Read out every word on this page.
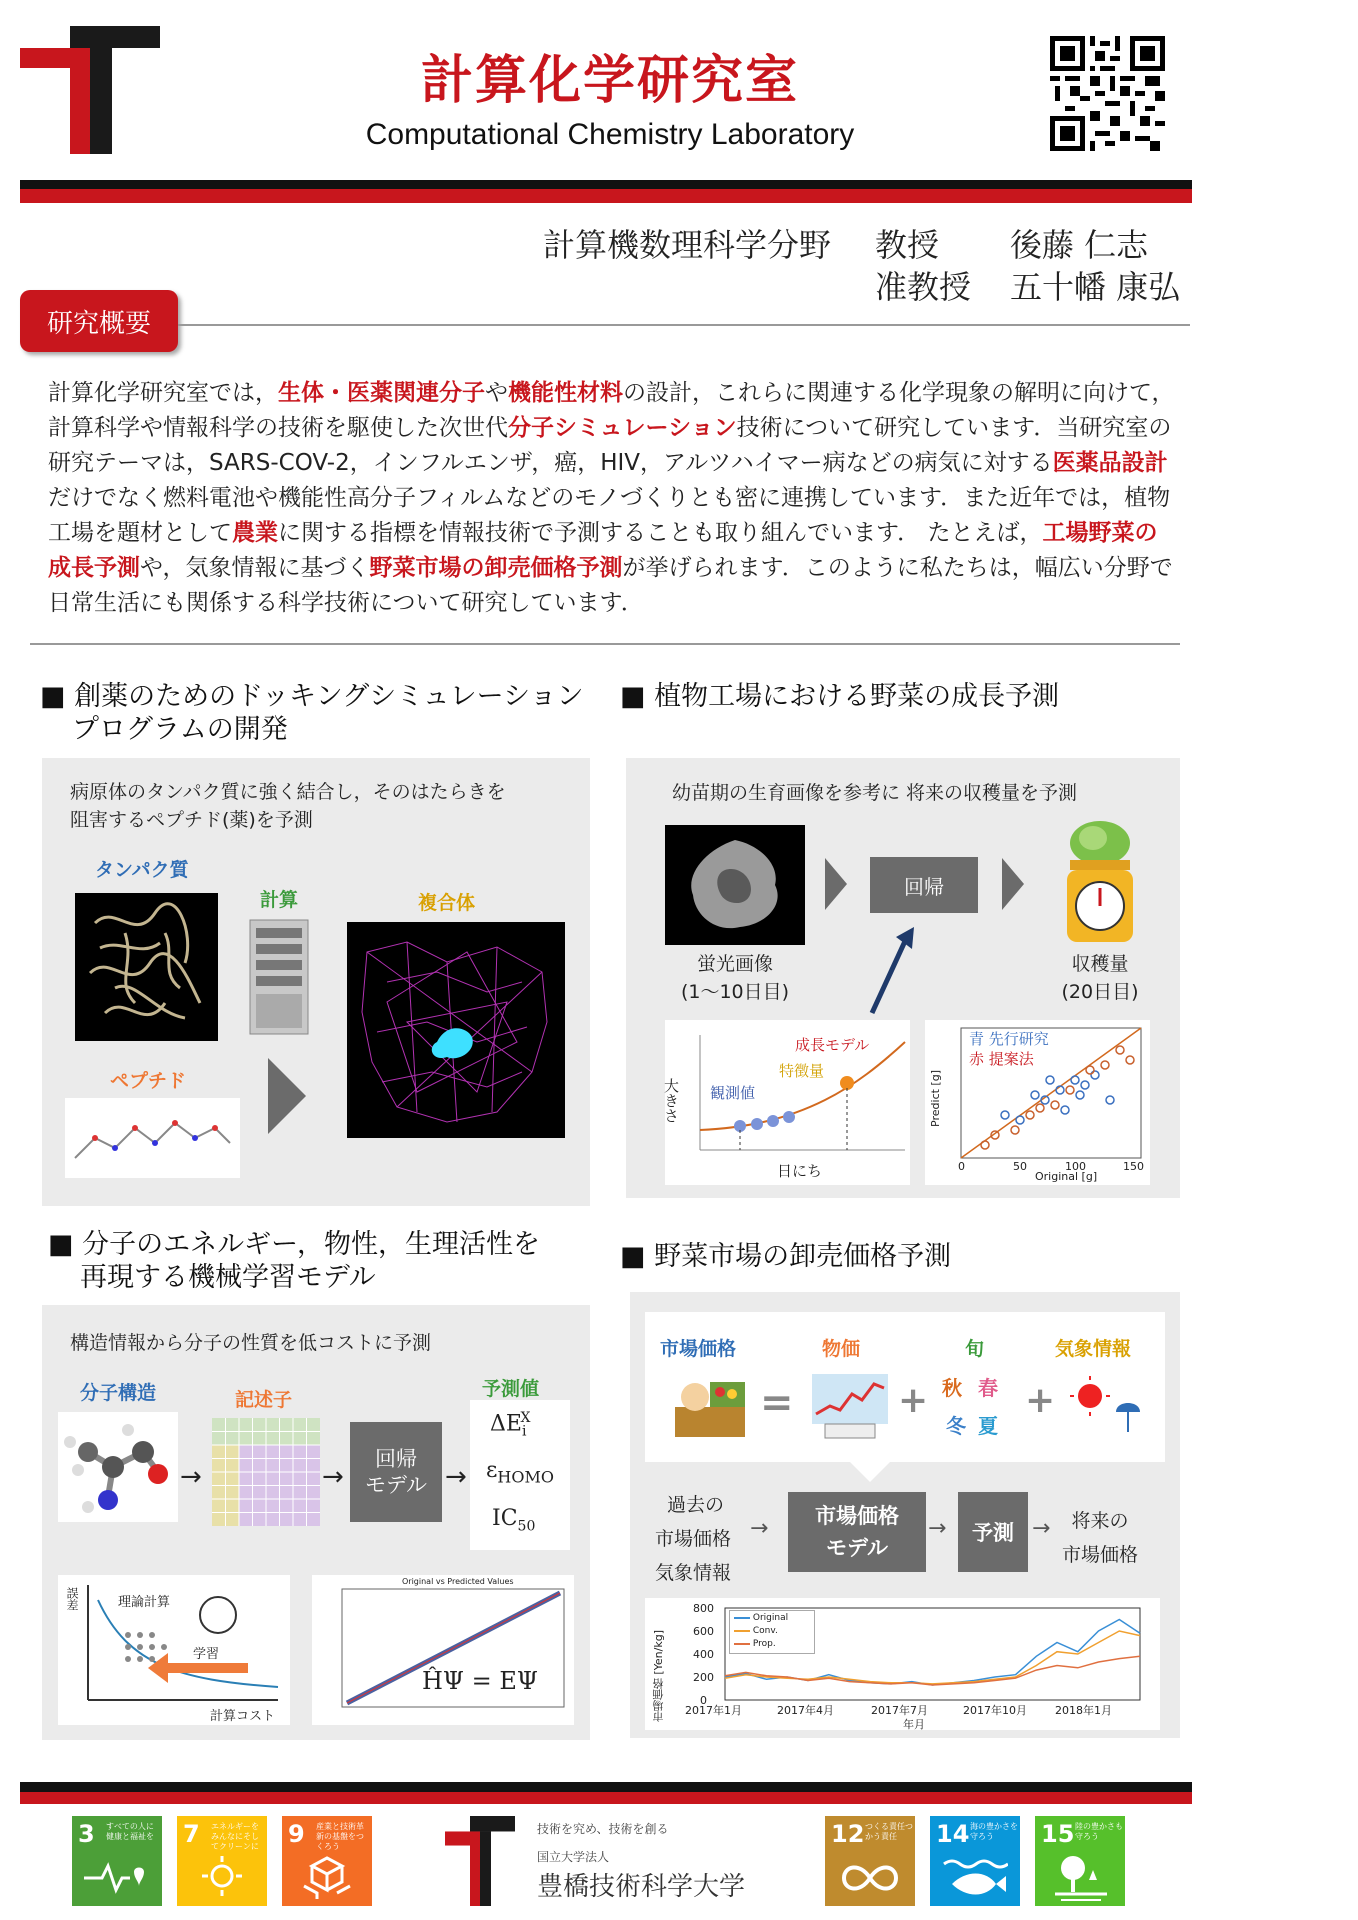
計算化学研究室
Computational Chemistry Laboratory
計算機数理科学分野 教授 後藤 仁志
准教授 五十幡 康弘
研究概要
計算化学研究室では，生体・医薬関連分子や機能性材料の設計，これらに関連する化学現象の解明に向けて，計算科学や情報科学の技術を駆使した次世代分子シミュレーション技術について研究しています．当研究室の研究テーマは，SARS-COV-2，インフルエンザ，癌，HIV，アルツハイマー病などの病気に対する医薬品設計だけでなく燃料電池や機能性高分子フィルムなどのモノづくりとも密に連携しています．また近年では，植物工場を題材として農業に関する指標を情報技術で予測することも取り組んでいます． たとえば，工場野菜の成長予測や，気象情報に基づく野菜市場の卸売価格予測が挙げられます．このように私たちは，幅広い分野で日常生活にも関係する科学技術について研究しています．
■ 創薬のためのドッキングシミュレーション
プログラムの開発
病原体のタンパク質に強く結合し，そのはたらきを
阻害するペプチド(薬)を予測
タンパク質
計算	複合体
ペプチド
■ 植物工場における野菜の成長予測
幼苗期の生育画像を参考に 将来の収穫量を予測
回帰
蛍光画像
(1〜10日目)
収穫量
(20日目)
成長モデル
特徴量
観測値
大きさ
日にち
青 先行研究
赤 提案法
Original [g]
Predict [g]
0	50	100	150
■ 分子のエネルギー，物性，生理活性を
再現する機械学習モデル
構造情報から分子の性質を低コストに予測
分子構造	記述子	予測値
→	→
回帰
モデル →
$\Delta E_i^X$
$\varepsilon_{HOMO}$
$IC_{50}$
誤差	理論計算
学習
計算コスト
Original vs Predicted Values
ĤΨ = EΨ
■ 野菜市場の卸売価格予測
市場価格	物価	旬	気象情報
=	+ 秋 春
冬 夏
+
過去の
市場価格
気象情報
→ 市場価格
モデル
→	予測 →	将来の
市場価格
市場価格 [Yen/kg]
800
600
400
200
0
2017年1月	2017年4月	2017年7月	2017年10月	2018年1月
年月
Original
Conv.
Prop.
3 すべての人に健康と福祉を 7 エネルギーをみんなにそしてクリーンに 9 産業と技術革新の基盤をつくろう
技術を究め、技術を創る
国立大学法人
豊橋技術科学大学
12 つくる責任つかう責任	14 海の豊かさを守ろう	15 陸の豊かさも守ろう
